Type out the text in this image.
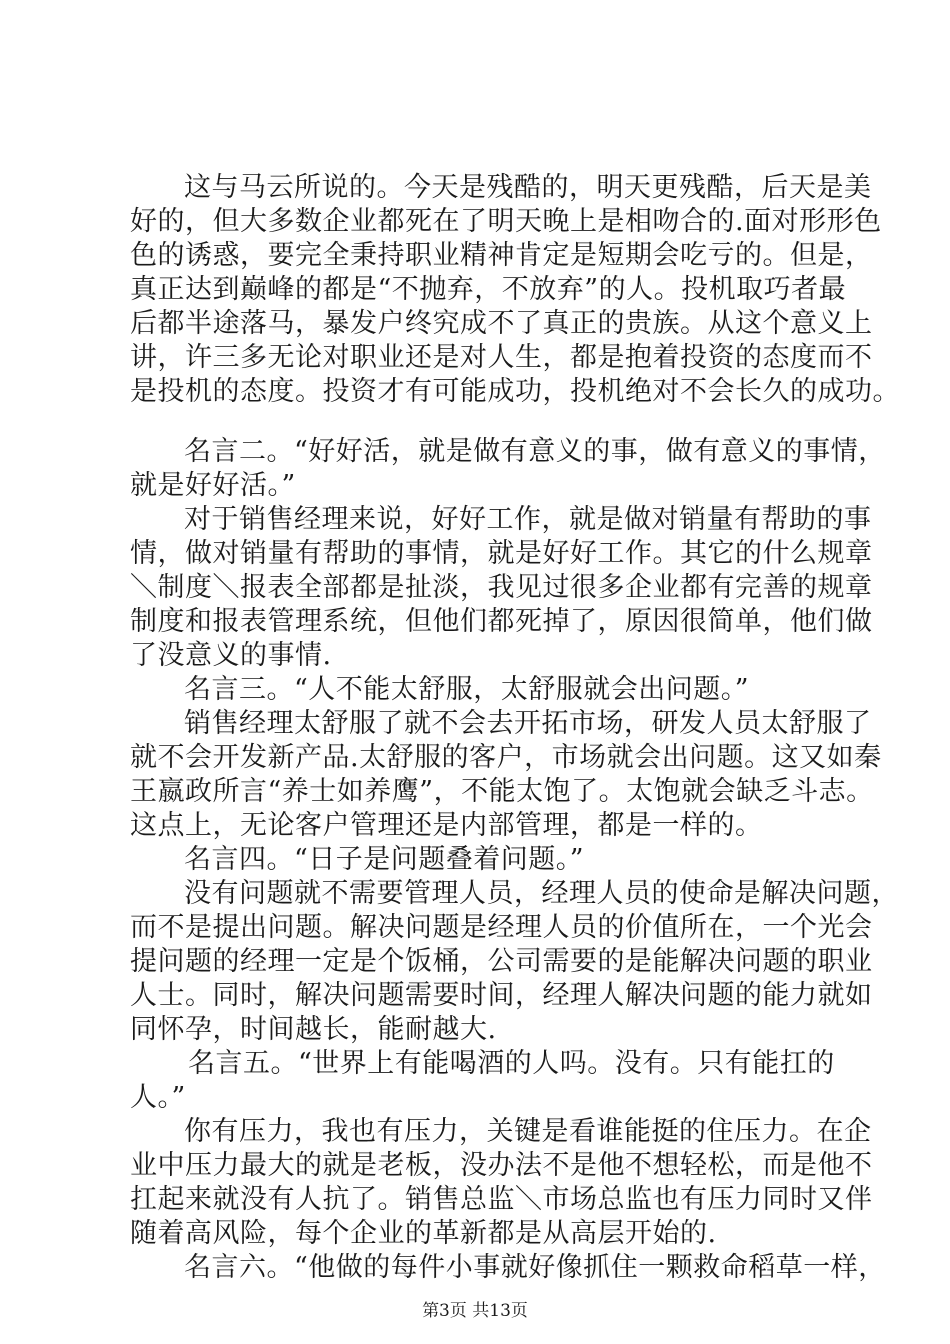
这与马云所说的。今天是残酷的，明天更残酷，后天是美

好的，但大多数企业都死在了明天晚上是相吻合的.面对形形色

色的诱惑，要完全秉持职业精神肯定是短期会吃亏的。但是，

真正达到巅峰的都是“不抛弃，不放弃”的人。投机取巧者最

后都半途落马，暴发户终究成不了真正的贵族。从这个意义上

讲，许三多无论对职业还是对人生，都是抱着投资的态度而不

是投机的态度。投资才有可能成功，投机绝对不会长久的成功。

名言二。“好好活，就是做有意义的事，做有意义的事情，

就是好好活。”

对于销售经理来说，好好工作，就是做对销量有帮助的事

情，做对销量有帮助的事情，就是好好工作。其它的什么规章

＼制度＼报表全部都是扯淡，我见过很多企业都有完善的规章

制度和报表管理系统，但他们都死掉了，原因很简单，他们做

了没意义的事情.

名言三。“人不能太舒服，太舒服就会出问题。”

销售经理太舒服了就不会去开拓市场，研发人员太舒服了

就不会开发新产品.太舒服的客户，市场就会出问题。这又如秦

王嬴政所言“养士如养鹰”，不能太饱了。太饱就会缺乏斗志。

这点上，无论客户管理还是内部管理，都是一样的。

名言四。“日子是问题叠着问题。”

没有问题就不需要管理人员，经理人员的使命是解决问题，

而不是提出问题。解决问题是经理人员的价值所在，一个光会

提问题的经理一定是个饭桶，公司需要的是能解决问题的职业

人士。同时，解决问题需要时间，经理人解决问题的能力就如

同怀孕，时间越长，能耐越大.

名言五。“世界上有能喝酒的人吗。没有。只有能扛的

人。”

你有压力，我也有压力，关键是看谁能挺的住压力。在企

业中压力最大的就是老板，没办法不是他不想轻松，而是他不

扛起来就没有人抗了。销售总监＼市场总监也有压力同时又伴

随着高风险，每个企业的革新都是从高层开始的.

名言六。“他做的每件小事就好像抓住一颗救命稻草一样，

第3页 共13页
